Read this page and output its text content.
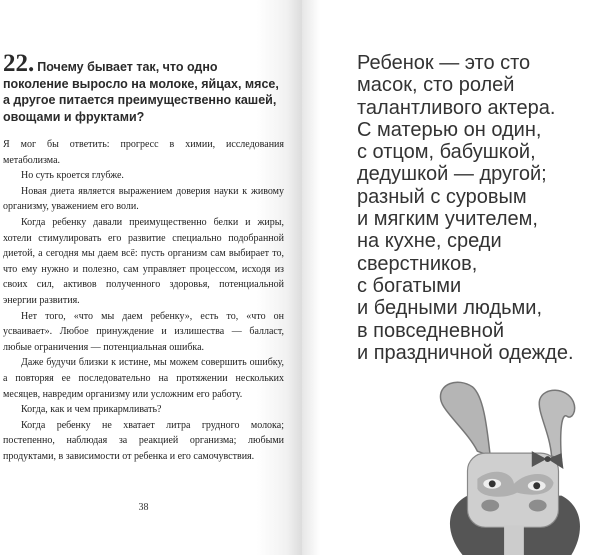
22. Почему бывает так, что одно поколение выросло на молоке, яйцах, мясе, а другое питается преимущественно кашей, овощами и фруктами?

Я мог бы ответить: прогресс в химии, исследования метаболизма.

Но суть кроется глубже.

Новая диета является выражением доверия науки к живому организму, уважением его воли.

Когда ребенку давали преимущественно белки и жиры, хотели стимулировать его развитие специально подобранной диетой, а сегодня мы даем всё: пусть организм сам выбирает то, что ему нужно и полезно, сам управляет процессом, исходя из своих сил, активов полученного здоровья, потенциальной энергии развития.

Нет того, «что мы даем ребенку», есть то, «что он усваивает». Любое принуждение и излишества — балласт, любые ограничения — потенциальная ошибка.

Даже будучи близки к истине, мы можем совершить ошибку, а повторяя ее последовательно на протяжении нескольких месяцев, навредим организму или усложним его работу.

Когда, как и чем прикармливать?

Когда ребенку не хватает литра грудного молока; постепенно, наблюдая за реакцией организма; любыми продуктами, в зависимости от ребенка и его самочувствия.

38
Ребенок — это сто
масок, сто ролей
талантливого актера.
С матерью он один,
с отцом, бабушкой,
дедушкой — другой;
разный с суровым
и мягким учителем,
на кухне, среди
сверстников,
с богатыми
и бедными людьми,
в повседневной
и праздничной одежде.
